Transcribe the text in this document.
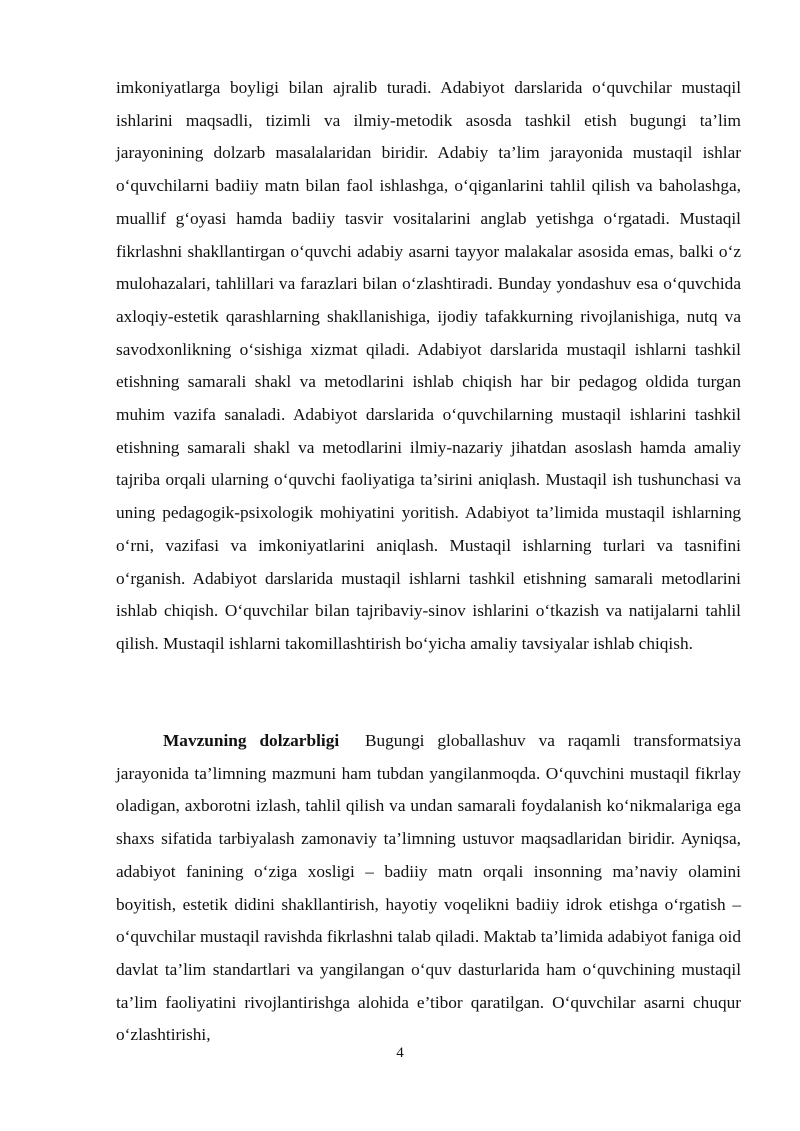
imkoniyatlarga boyligi bilan ajralib turadi. Adabiyot darslarida o‘quvchilar mustaqil ishlarini maqsadli, tizimli va ilmiy-metodik asosda tashkil etish bugungi ta’lim jarayonining dolzarb masalalaridan biridir. Adabiy ta’lim jarayonida mustaqil ishlar o‘quvchilarni badiiy matn bilan faol ishlashga, o‘qiganlarini tahlil qilish va baholashga, muallif g‘oyasi hamda badiiy tasvir vositalarini anglab yetishga o‘rgatadi. Mustaqil fikrlashni shakllantirgan o‘quvchi adabiy asarni tayyor malakalar asosida emas, balki o‘z mulohazalari, tahlillari va farazlari bilan o‘zlashtiradi. Bunday yondashuv esa o‘quvchida axloqiy-estetik qarashlarning shakllanishiga, ijodiy tafakkurning rivojlanishiga, nutq va savodxonlikning o‘sishiga xizmat qiladi. Adabiyot darslarida mustaqil ishlarni tashkil etishning samarali shakl va metodlarini ishlab chiqish har bir pedagog oldida turgan muhim vazifa sanaladi. Adabiyot darslarida o‘quvchilarning mustaqil ishlarini tashkil etishning samarali shakl va metodlarini ilmiy-nazariy jihatdan asoslash hamda amaliy tajriba orqali ularning o‘quvchi faoliyatiga ta’sirini aniqlash. Mustaqil ish tushunchasi va uning pedagogik-psixologik mohiyatini yoritish. Adabiyot ta’limida mustaqil ishlarning o‘rni, vazifasi va imkoniyatlarini aniqlash. Mustaqil ishlarning turlari va tasnifini o‘rganish. Adabiyot darslarida mustaqil ishlarni tashkil etishning samarali metodlarini ishlab chiqish. O‘quvchilar bilan tajribaviy-sinov ishlarini o‘tkazish va natijalarni tahlil qilish. Mustaqil ishlarni takomillashtirish bo‘yicha amaliy tavsiyalar ishlab chiqish.

Mavzuning dolzarbligi  Bugungi globallashuv va raqamli transformatsiya jarayonida ta’limning mazmuni ham tubdan yangilanmoqda. O‘quvchini mustaqil fikrlay oladigan, axborotni izlash, tahlil qilish va undan samarali foydalanish ko‘nikmalariga ega shaxs sifatida tarbiyalash zamonaviy ta’limning ustuvor maqsadlaridan biridir. Ayniqsa, adabiyot fanining o‘ziga xosligi – badiiy matn orqali insonning ma’naviy olamini boyitish, estetik didini shakllantirish, hayotiy voqelikni badiiy idrok etishga o‘rgatish – o‘quvchilar mustaqil ravishda fikrlashni talab qiladi. Maktab ta’limida adabiyot faniga oid davlat ta’lim standartlari va yangilangan o‘quv dasturlarida ham o‘quvchining mustaqil ta’lim faoliyatini rivojlantirishga alohida e’tibor qaratilgan. O‘quvchilar asarni chuqur o‘zlashtirishi,

4
